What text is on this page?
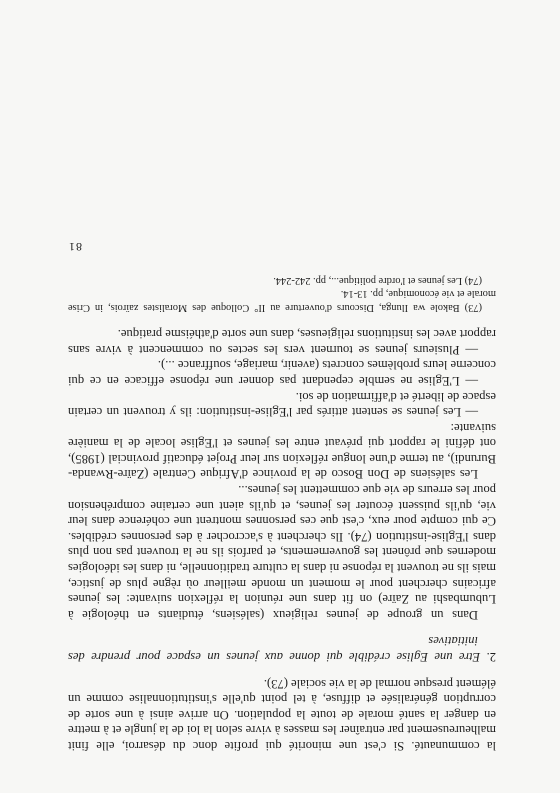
la communauté. Si c'est une minorité qui profite donc du désarroi, elle finit malheureusement par entraîner les masses à vivre selon la loi de la jungle et à mettre en danger la santé morale de toute la population. On arrive ainsi à une sorte de corruption généralisée et diffuse, à tel point qu'elle s'institutionnalise comme un élément presque normal de la vie sociale (73).

2. Etre une Eglise crédible qui donne aux jeunes un espace pour prendre des initiatives

Dans un groupe de jeunes religieux (salésiens, étudiants en théologie à Lubumbashi au Zaïre) on fit dans une réunion la réflexion suivante: les jeunes africains cherchent pour le moment un monde meilleur où règne plus de justice, mais ils ne trouvent la réponse ni dans la culture traditionnelle, ni dans les idéologies modernes que prônent les gouvernements, et parfois ils ne la trouvent pas non plus dans l'Eglise-institution (74). Ils cherchent à s'accrocher à des personnes crédibles. Ce qui compte pour eux, c'est que ces personnes montrent une cohérence dans leur vie, qu'ils puissent écouter les jeunes, et qu'ils aient une certaine compréhension pour les erreurs de vie que commettent les jeunes...

Les salésiens de Don Bosco de la province d'Afrique Centrale (Zaïre-Rwanda-Burundi), au terme d'une longue réflexion sur leur Projet éducatif provincial (1985), ont défini le rapport qui prévaut entre les jeunes et l'Eglise locale de la manière suivante:

— Les jeunes se sentent attirés par l'Eglise-institution: ils y trouvent un certain espace de liberté et d'affirmation de soi.

— L'Eglise ne semble cependant pas donner une réponse efficace en ce qui concerne leurs problèmes concrets (avenir, mariage, souffrance ...).

— Plusieurs jeunes se tournent vers les sectes ou commencent à vivre sans rapport avec les institutions religieuses, dans une sorte d'athéisme pratique.

(73) Bakole wa Ilunga, Discours d'ouverture au II° Colloque des Moralistes zaïrois, in Crise morale et vie économique, pp. 13-14.

(74) Les jeunes et l'ordre politique..., pp. 242-244.

81
